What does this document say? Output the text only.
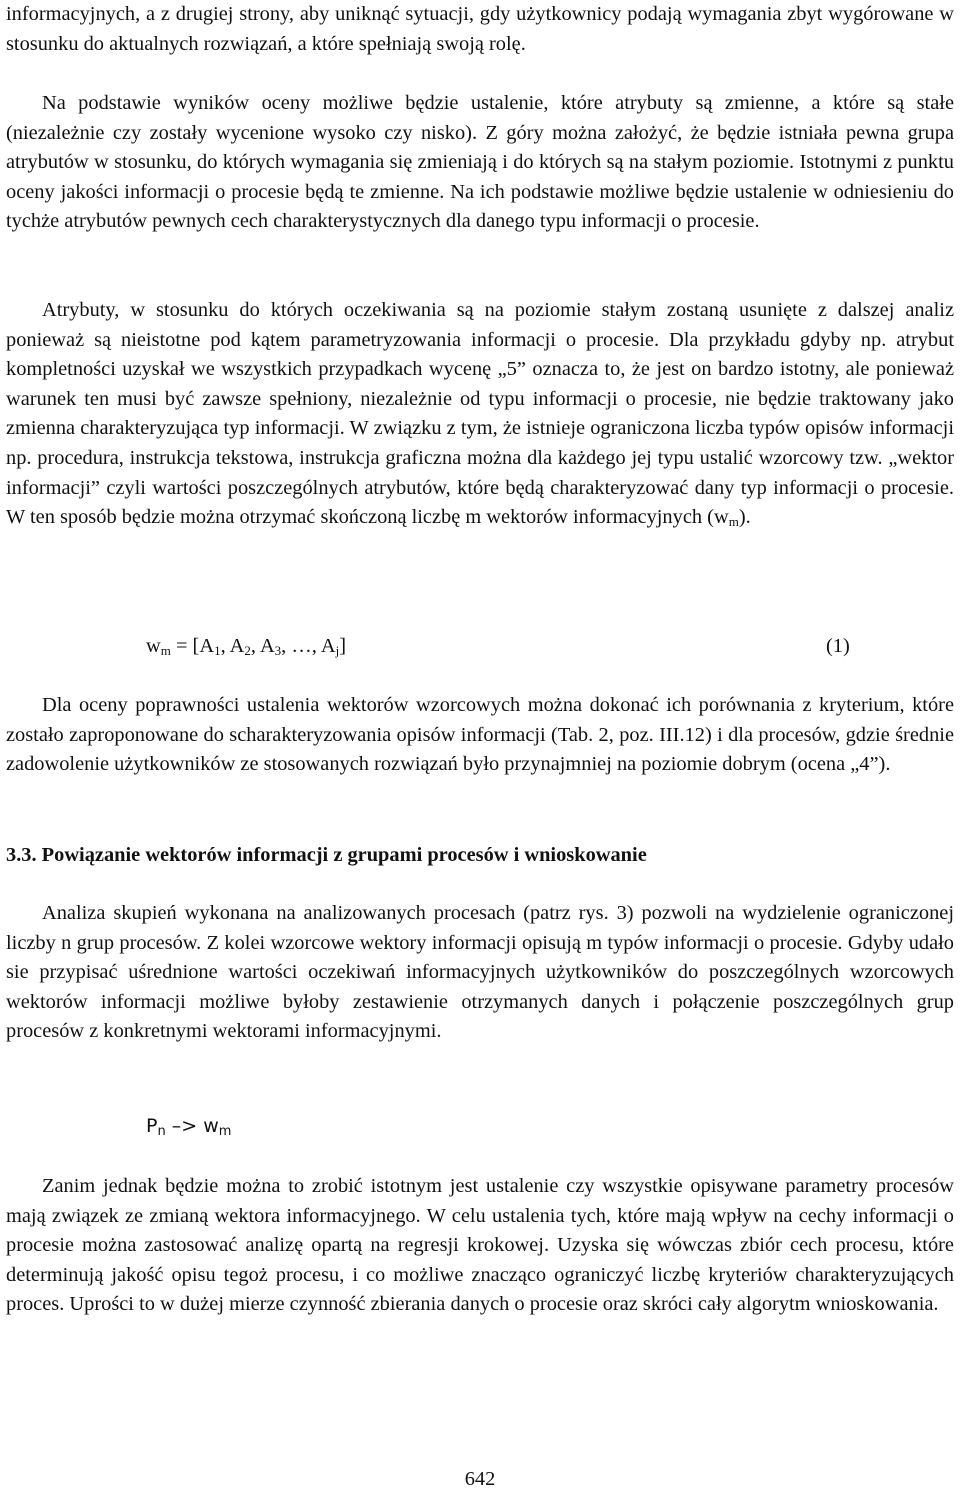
informacyjnych, a z drugiej strony, aby uniknąć sytuacji, gdy użytkownicy podają wymagania zbyt wygórowane w stosunku do aktualnych rozwiązań, a które spełniają swoją rolę.

Na podstawie wyników oceny możliwe będzie ustalenie, które atrybuty są zmienne, a które są stałe (niezależnie czy zostały wycenione wysoko czy nisko). Z góry można założyć, że będzie istniała pewna grupa atrybutów w stosunku, do których wymagania się zmieniają i do których są na stałym poziomie. Istotnymi z punktu oceny jakości informacji o procesie będą te zmienne. Na ich podstawie możliwe będzie ustalenie w odniesieniu do tychże atrybutów pewnych cech charakterystycznych dla danego typu informacji o procesie.

Atrybuty, w stosunku do których oczekiwania są na poziomie stałym zostaną usunięte z dalszej analiz ponieważ są nieistotne pod kątem parametryzowania informacji o procesie. Dla przykładu gdyby np. atrybut kompletności uzyskał we wszystkich przypadkach wycenę „5” oznacza to, że jest on bardzo istotny, ale ponieważ warunek ten musi być zawsze spełniony, niezależnie od typu informacji o procesie, nie będzie traktowany jako zmienna charakteryzująca typ informacji. W związku z tym, że istnieje ograniczona liczba typów opisów informacji np. procedura, instrukcja tekstowa, instrukcja graficzna można dla każdego jej typu ustalić wzorcowy tzw. „wektor informacji” czyli wartości poszczególnych atrybutów, które będą charakteryzować dany typ informacji o procesie. W ten sposób będzie można otrzymać skończoną liczbę m wektorów informacyjnych $(w_m)$.

$w_m = [A_1$, $A_2$, $A_3$, …, $A_j$]	(1)

Dla oceny poprawności ustalenia wektorów wzorcowych można dokonać ich porównania z kryterium, które zostało zaproponowane do scharakteryzowania opisów informacji (Tab. 2, poz. III.12) i dla procesów, gdzie średnie zadowolenie użytkowników ze stosowanych rozwiązań było przynajmniej na poziomie dobrym (ocena „4”).

3.3. Powiązanie wektorów informacji z grupami procesów i wnioskowanie

Analiza skupień wykonana na analizowanych procesach (patrz rys. 3) pozwoli na wydzielenie ograniczonej liczby n grup procesów. Z kolei wzorcowe wektory informacji opisują m typów informacji o procesie. Gdyby udało sie przypisać uśrednione wartości oczekiwań informacyjnych użytkowników do poszczególnych wzorcowych wektorów informacji możliwe byłoby zestawienie otrzymanych danych i połączenie poszczególnych grup procesów z konkretnymi wektorami informacyjnymi.

$P_n -> w_m$

Zanim jednak będzie można to zrobić istotnym jest ustalenie czy wszystkie opisywane parametry procesów mają związek ze zmianą wektora informacyjnego. W celu ustalenia tych, które mają wpływ na cechy informacji o procesie można zastosować analizę opartą na regresji krokowej. Uzyska się wówczas zbiór cech procesu, które determinują jakość opisu tegoż procesu, i co możliwe znacząco ograniczyć liczbę kryteriów charakteryzujących proces. Uprości to w dużej mierze czynność zbierania danych o procesie oraz skróci cały algorytm wnioskowania.

642
